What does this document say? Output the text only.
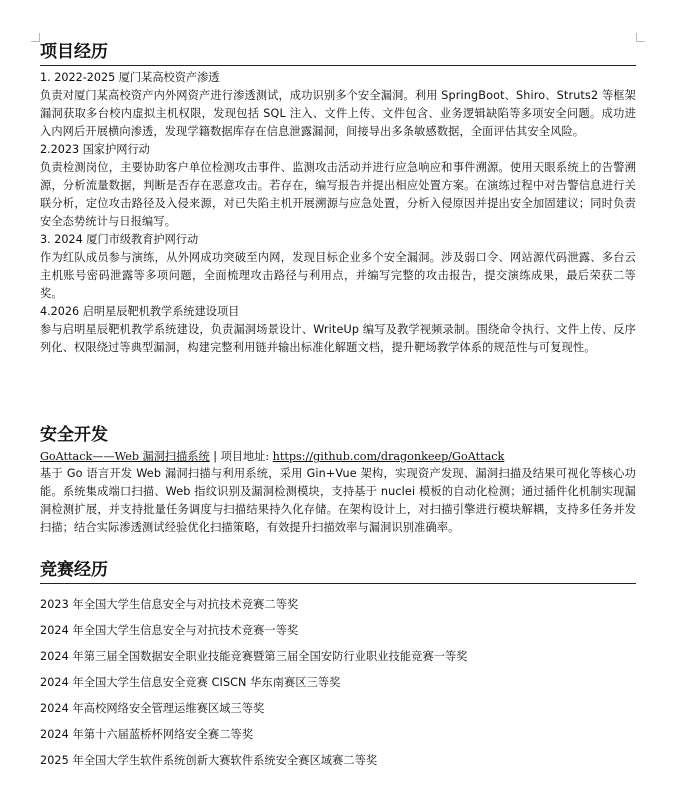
项目经历
1. 2022-2025 厦门某高校资产渗透
负责对厦门某高校资产内外网资产进行渗透测试，成功识别多个安全漏洞。利用 SpringBoot、Shiro、Struts2 等框架漏洞获取多台校内虚拟主机权限，发现包括 SQL 注入、文件上传、文件包含、业务逻辑缺陷等多项安全问题。成功进入内网后开展横向渗透，发现学籍数据库存在信息泄露漏洞，间接导出多条敏感数据，全面评估其安全风险。
2.2023 国家护网行动
负责检测岗位，主要协助客户单位检测攻击事件、监测攻击活动并进行应急响应和事件溯源。使用天眼系统上的告警溯源，分析流量数据，判断是否存在恶意攻击。若存在，编写报告并提出相应处置方案。在演练过程中对告警信息进行关联分析，定位攻击路径及入侵来源，对已失陷主机开展溯源与应急处置，分析入侵原因并提出安全加固建议；同时负责安全态势统计与日报编写。
3. 2024 厦门市级教育护网行动
作为红队成员参与演练，从外网成功突破至内网，发现目标企业多个安全漏洞。涉及弱口令、网站源代码泄露、多台云主机账号密码泄露等多项问题，全面梳理攻击路径与利用点，并编写完整的攻击报告，提交演练成果，最后荣获二等奖。
4.2026 启明星辰靶机教学系统建设项目
参与启明星辰靶机教学系统建设，负责漏洞场景设计、WriteUp 编写及教学视频录制。围绕命令执行、文件上传、反序列化、权限绕过等典型漏洞，构建完整利用链并输出标准化解题文档，提升靶场教学体系的规范性与可复现性。
安全开发
GoAttack——Web 漏洞扫描系统 | 项目地址: https://github.com/dragonkeep/GoAttack
基于 Go 语言开发 Web 漏洞扫描与利用系统，采用 Gin+Vue 架构，实现资产发现、漏洞扫描及结果可视化等核心功能。系统集成端口扫描、Web 指纹识别及漏洞检测模块，支持基于 nuclei 模板的自动化检测；通过插件化机制实现漏洞检测扩展，并支持批量任务调度与扫描结果持久化存储。在架构设计上，对扫描引擎进行模块解耦，支持多任务并发扫描；结合实际渗透测试经验优化扫描策略，有效提升扫描效率与漏洞识别准确率。
竞赛经历
2023 年全国大学生信息安全与对抗技术竞赛二等奖
2024 年全国大学生信息安全与对抗技术竞赛一等奖
2024 年第三届全国数据安全职业技能竞赛暨第三届全国安防行业职业技能竞赛一等奖
2024 年全国大学生信息安全竞赛 CISCN 华东南赛区三等奖
2024 年高校网络安全管理运维赛区域三等奖
2024 年第十六届蓝桥杯网络安全赛二等奖
2025 年全国大学生软件系统创新大赛软件系统安全赛区域赛二等奖
